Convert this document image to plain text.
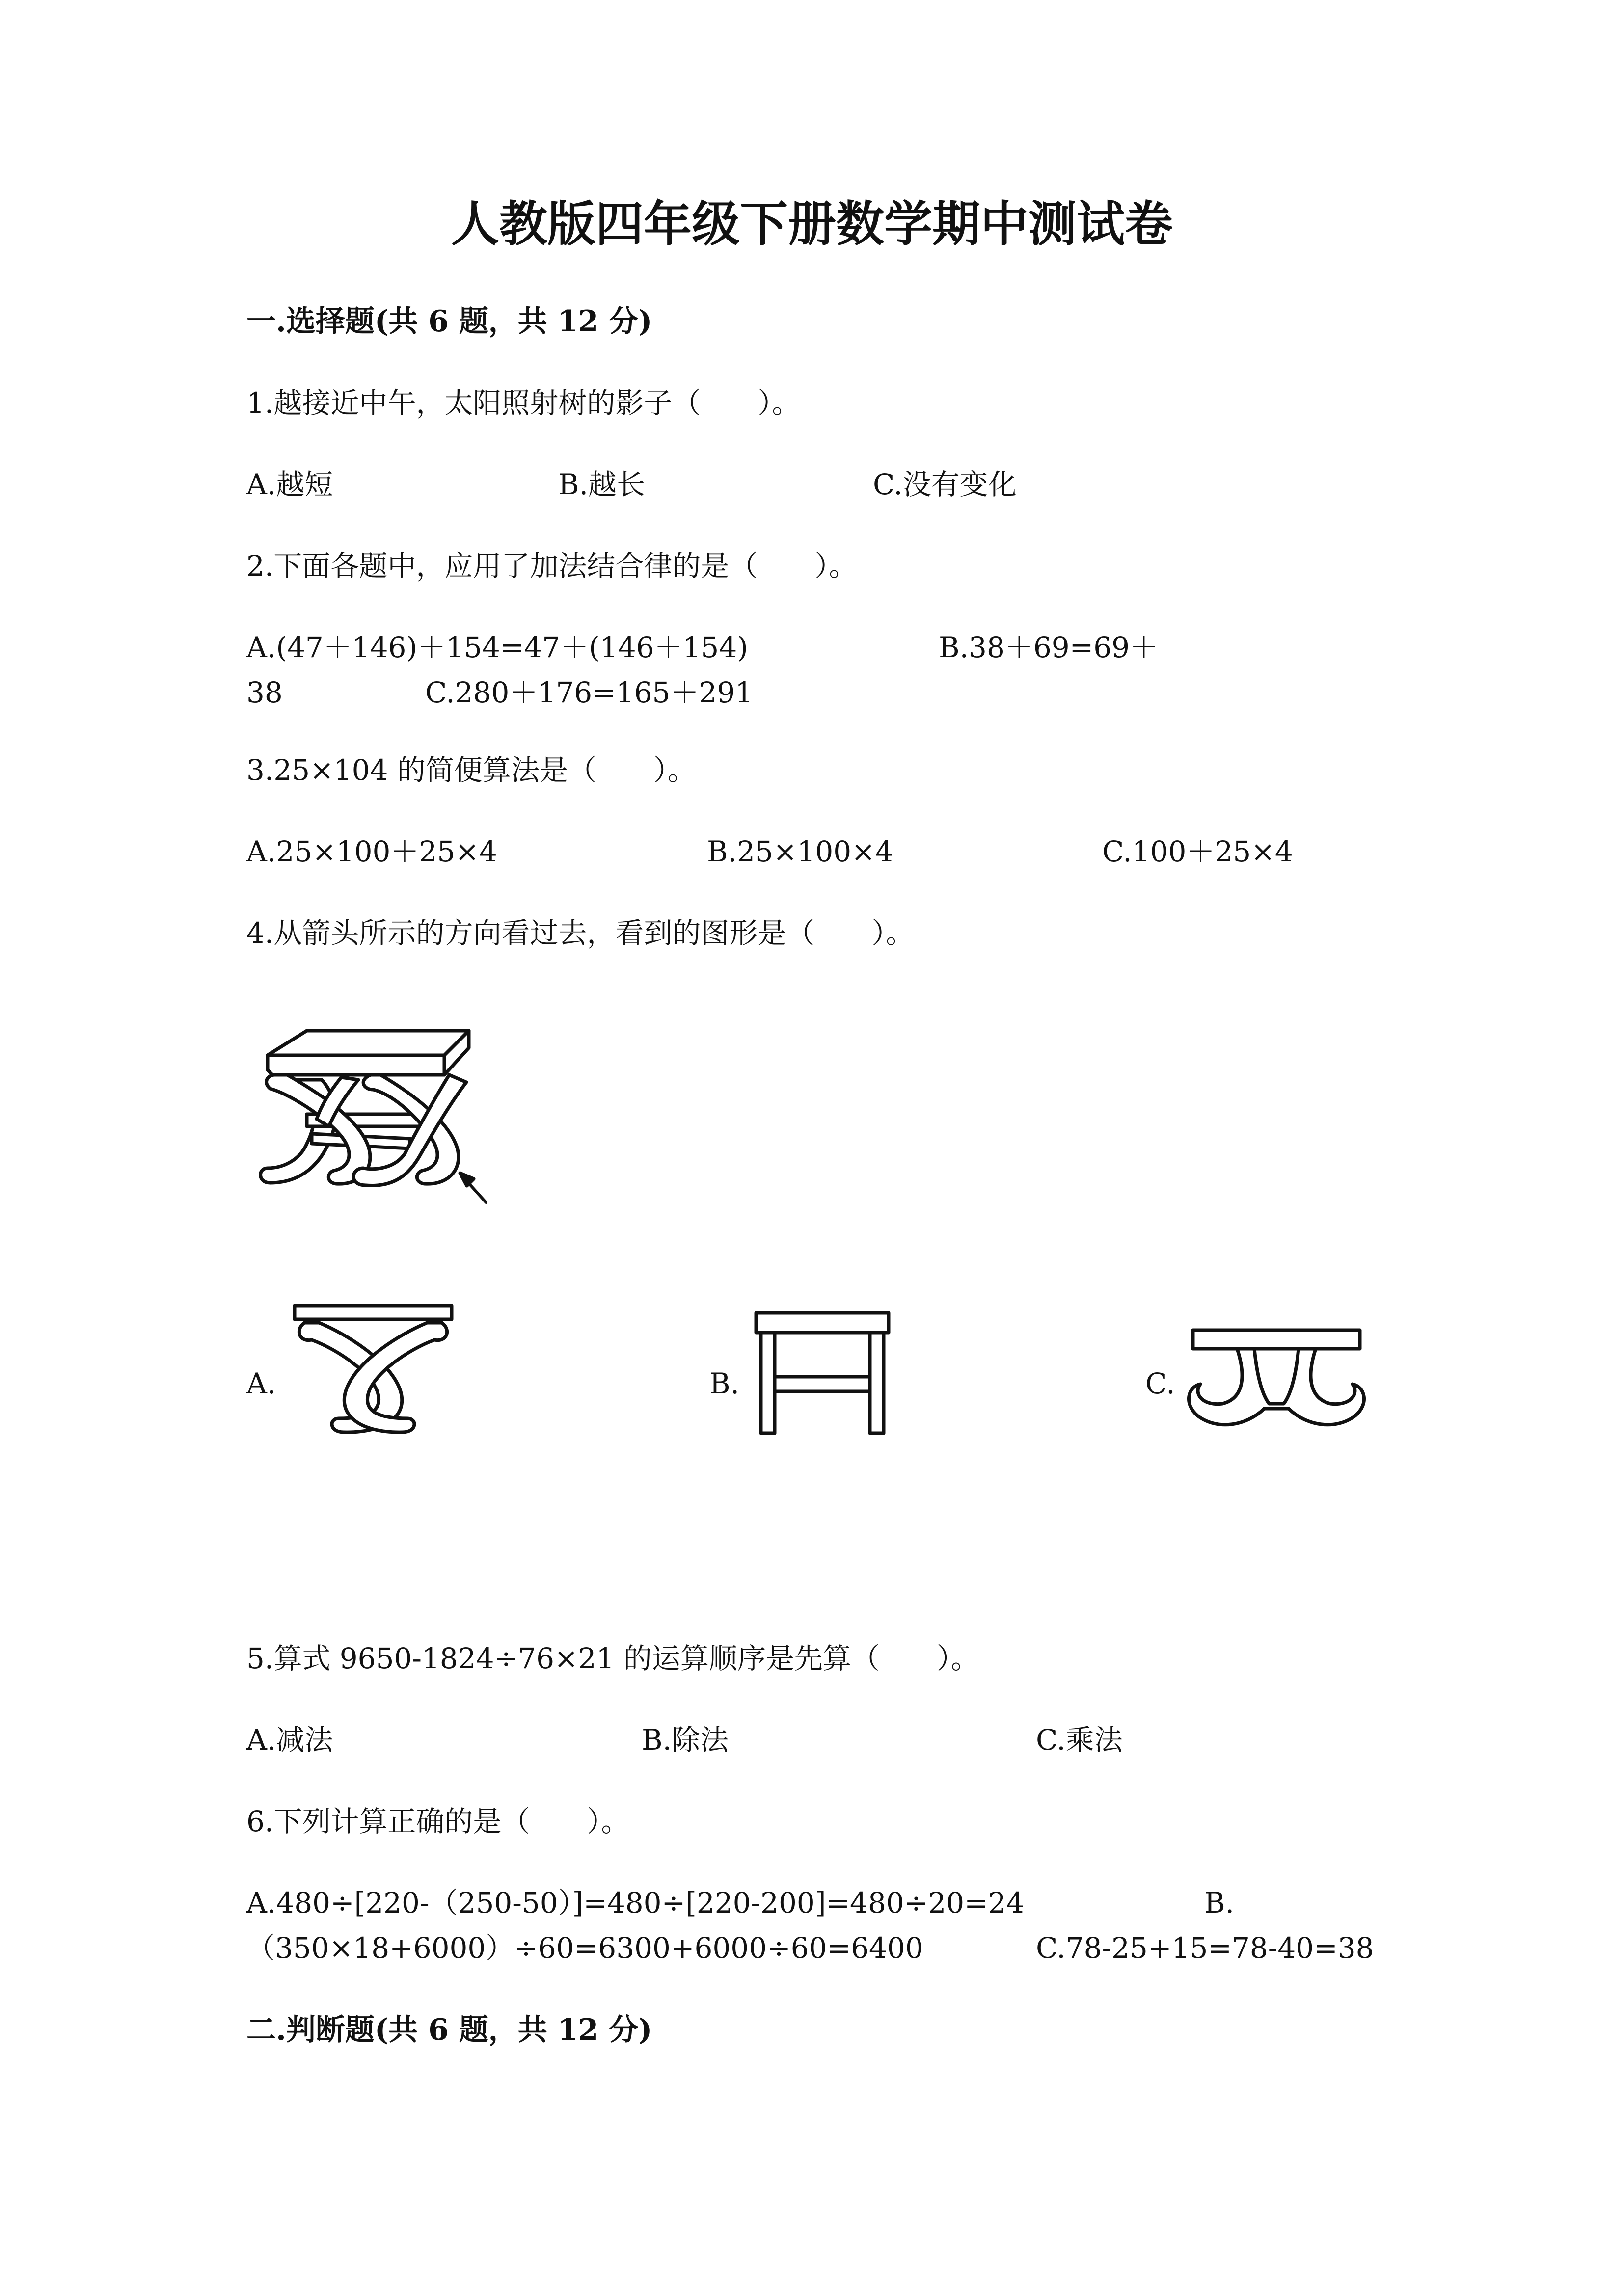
人教版四年级下册数学期中测试卷
一.选择题(共 6 题，共 12 分)
1.越接近中午，太阳照射树的影子（　　）。
A.越短	B.越长	C.没有变化
2.下面各题中，应用了加法结合律的是（　　）。
A.(47＋146)＋154=47＋(146＋154)	B.38＋69=69＋
38	C.280＋176=165＋291
3.25×104 的简便算法是（　　）。
A.25×100＋25×4	B.25×100×4	C.100＋25×4
4.从箭头所示的方向看过去，看到的图形是（　　）。
A.	B.	C.
5.算式 9650-1824÷76×21 的运算顺序是先算（　　）。
A.减法	B.除法	C.乘法
6.下列计算正确的是（　　）。
A.480÷[220-（250-50）]=480÷[220-200]=480÷20=24	B.
（350×18+6000）÷60=6300+6000÷60=6400	C.78-25+15=78-40=38
二.判断题(共 6 题，共 12 分)
